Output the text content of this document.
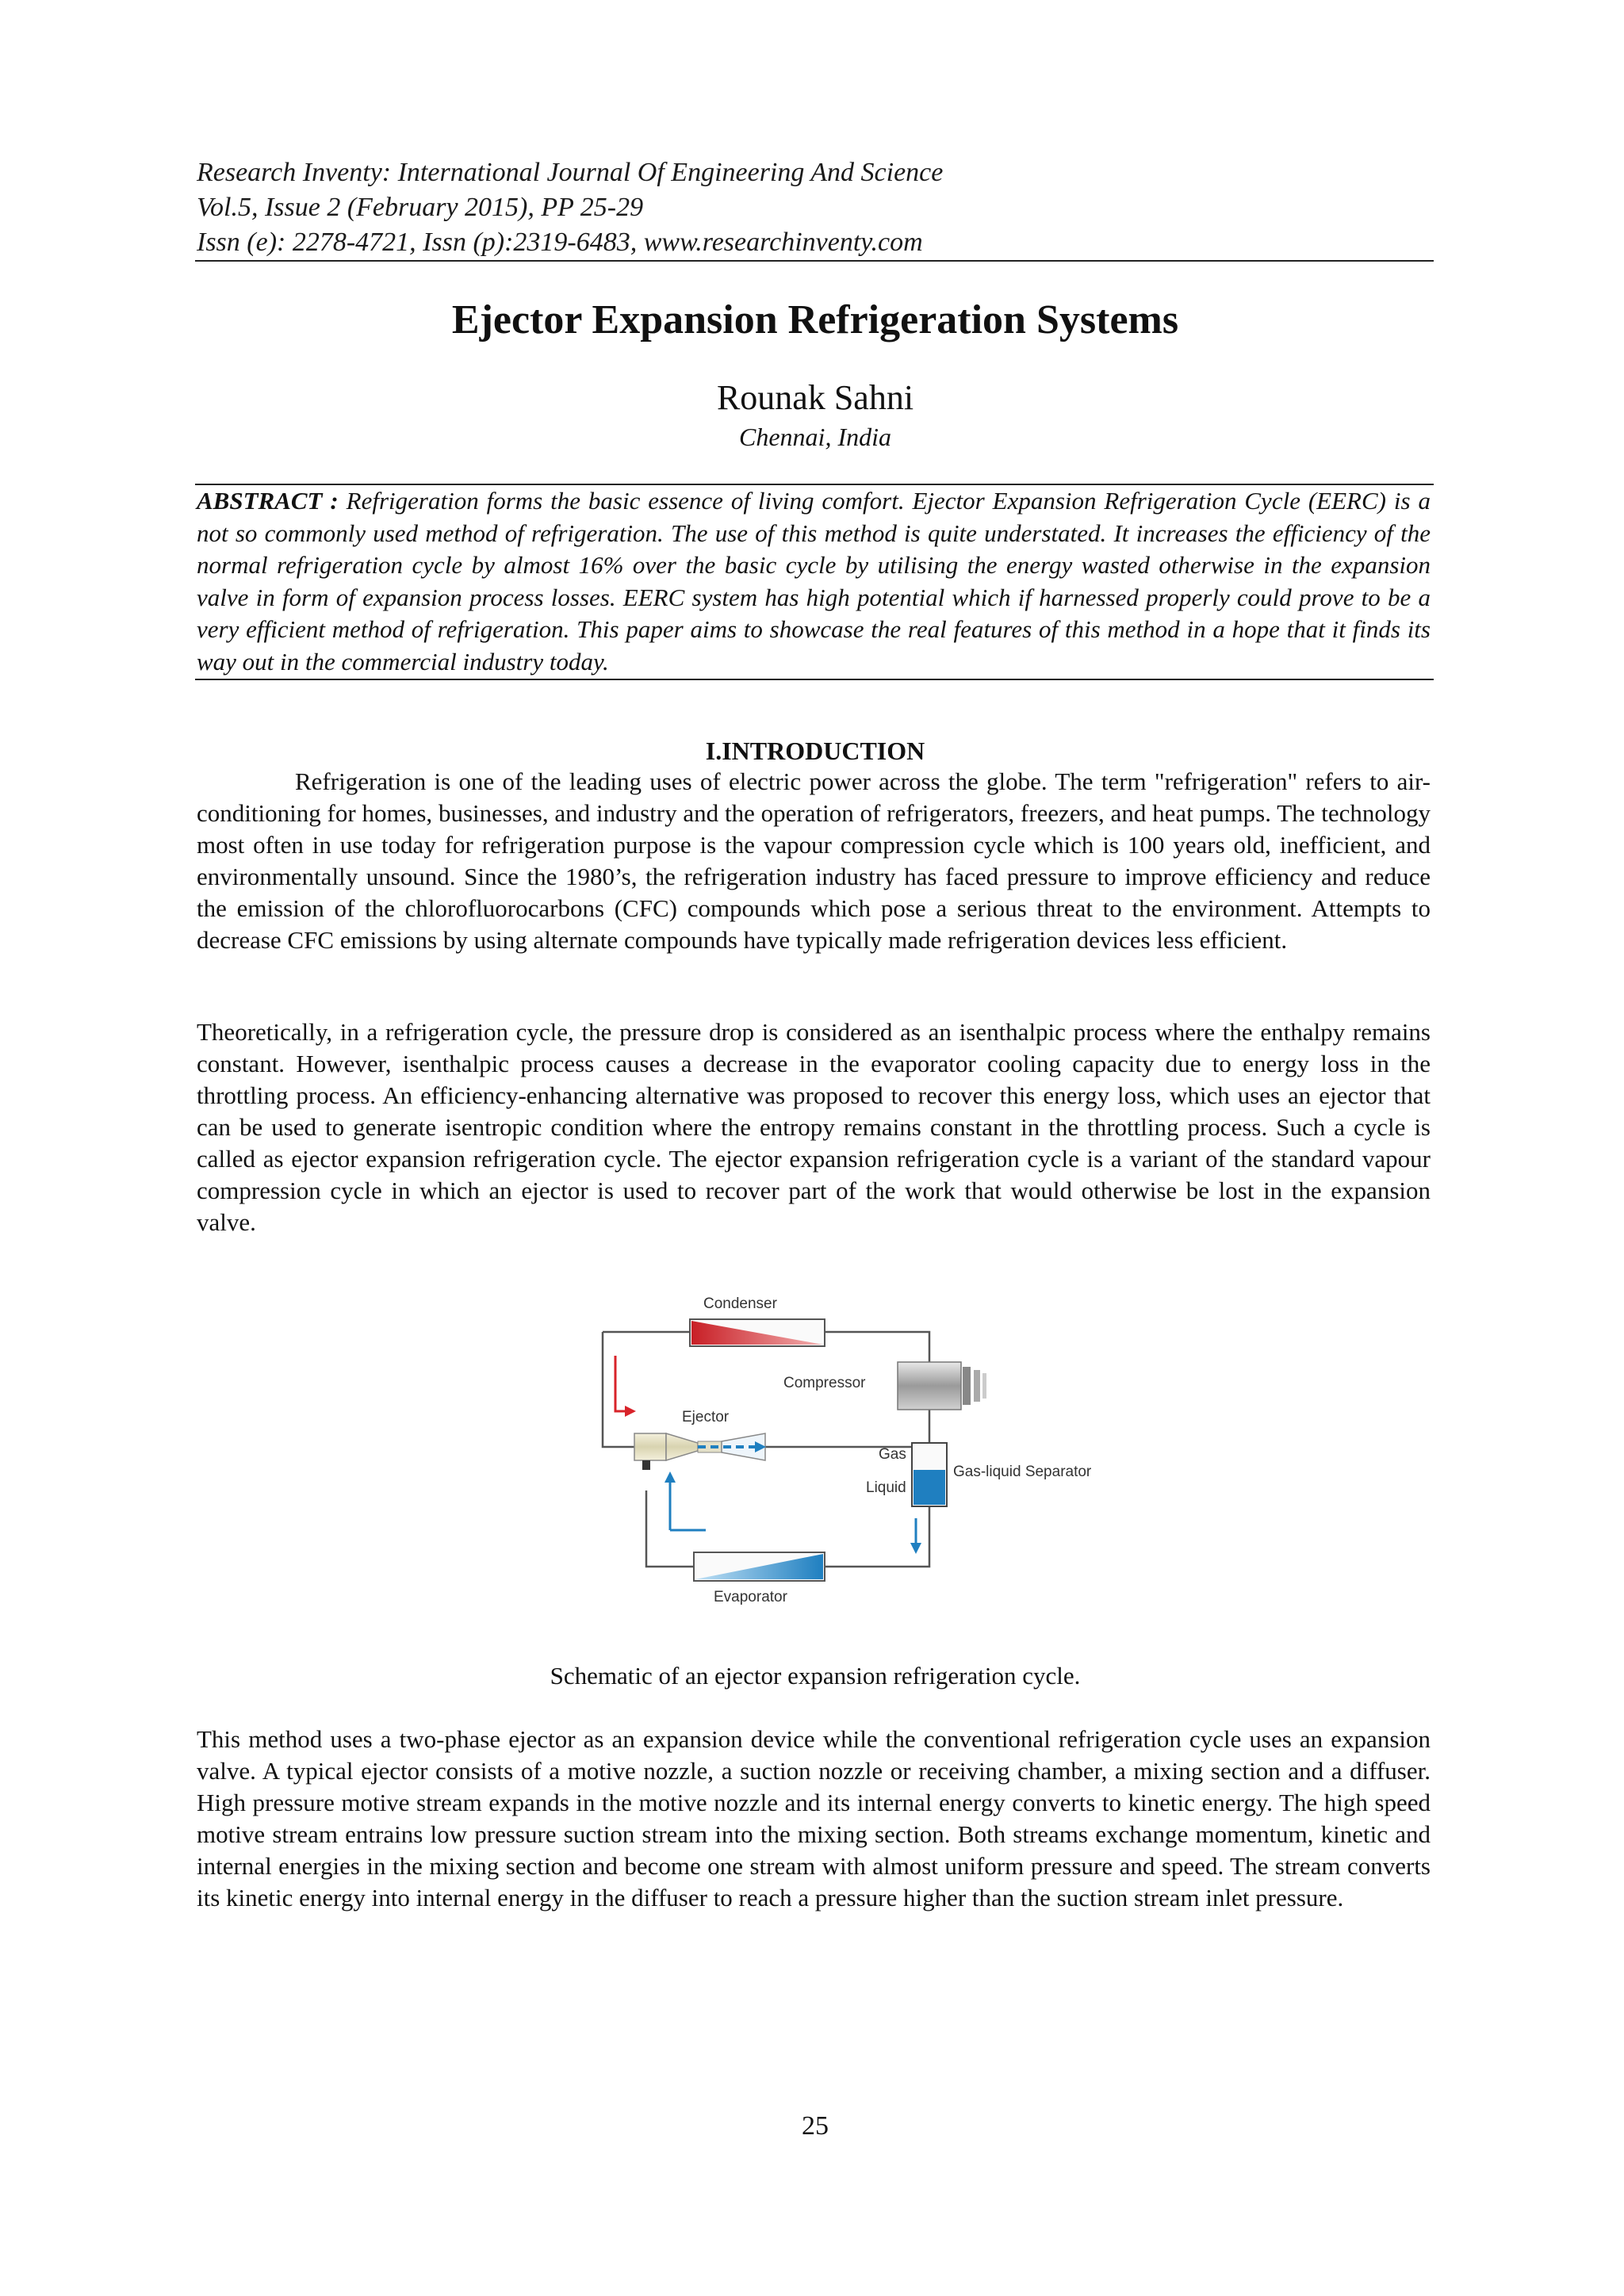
Research Inventy: International Journal Of Engineering And Science
Vol.5, Issue 2 (February 2015), PP 25-29
Issn (e): 2278-4721, Issn (p):2319-6483, www.researchinventy.com
Ejector Expansion Refrigeration Systems
Rounak Sahni
Chennai, India
ABSTRACT : Refrigeration forms the basic essence of living comfort. Ejector Expansion Refrigeration Cycle (EERC) is a not so commonly used method of refrigeration. The use of this method is quite understated. It increases the efficiency of the normal refrigeration cycle by almost 16% over the basic cycle by utilising the energy wasted otherwise in the expansion valve in form of expansion process losses. EERC system has high potential which if harnessed properly could prove to be a very efficient method of refrigeration. This paper aims to showcase the real features of this method in a hope that it finds its way out in the commercial industry today.
I.INTRODUCTION
Refrigeration is one of the leading uses of electric power across the globe. The term "refrigeration" refers to air-conditioning for homes, businesses, and industry and the operation of refrigerators, freezers, and heat pumps. The technology most often in use today for refrigeration purpose is the vapour compression cycle which is 100 years old, inefficient, and environmentally unsound. Since the 1980’s, the refrigeration industry has faced pressure to improve efficiency and reduce the emission of the chlorofluorocarbons (CFC) compounds which pose a serious threat to the environment. Attempts to decrease CFC emissions by using alternate compounds have typically made refrigeration devices less efficient.
Theoretically, in a refrigeration cycle, the pressure drop is considered as an isenthalpic process where the enthalpy remains constant. However, isenthalpic process causes a decrease in the evaporator cooling capacity due to energy loss in the throttling process. An efficiency-enhancing alternative was proposed to recover this energy loss, which uses an ejector that can be used to generate isentropic condition where the entropy remains constant in the throttling process. Such a cycle is called as ejector expansion refrigeration cycle. The ejector expansion refrigeration cycle is a variant of the standard vapour compression cycle in which an ejector is used to recover part of the work that would otherwise be lost in the expansion valve.
Condenser
Compressor
Ejector
Gas
Liquid
Gas-liquid Separator
Evaporator
Schematic of an ejector expansion refrigeration cycle.
This method uses a two-phase ejector as an expansion device while the conventional refrigeration cycle uses an expansion valve. A typical ejector consists of a motive nozzle, a suction nozzle or receiving chamber, a mixing section and a diffuser. High pressure motive stream expands in the motive nozzle and its internal energy converts to kinetic energy. The high speed motive stream entrains low pressure suction stream into the mixing section. Both streams exchange momentum, kinetic and internal energies in the mixing section and become one stream with almost uniform pressure and speed. The stream converts its kinetic energy into internal energy in the diffuser to reach a pressure higher than the suction stream inlet pressure.
25
